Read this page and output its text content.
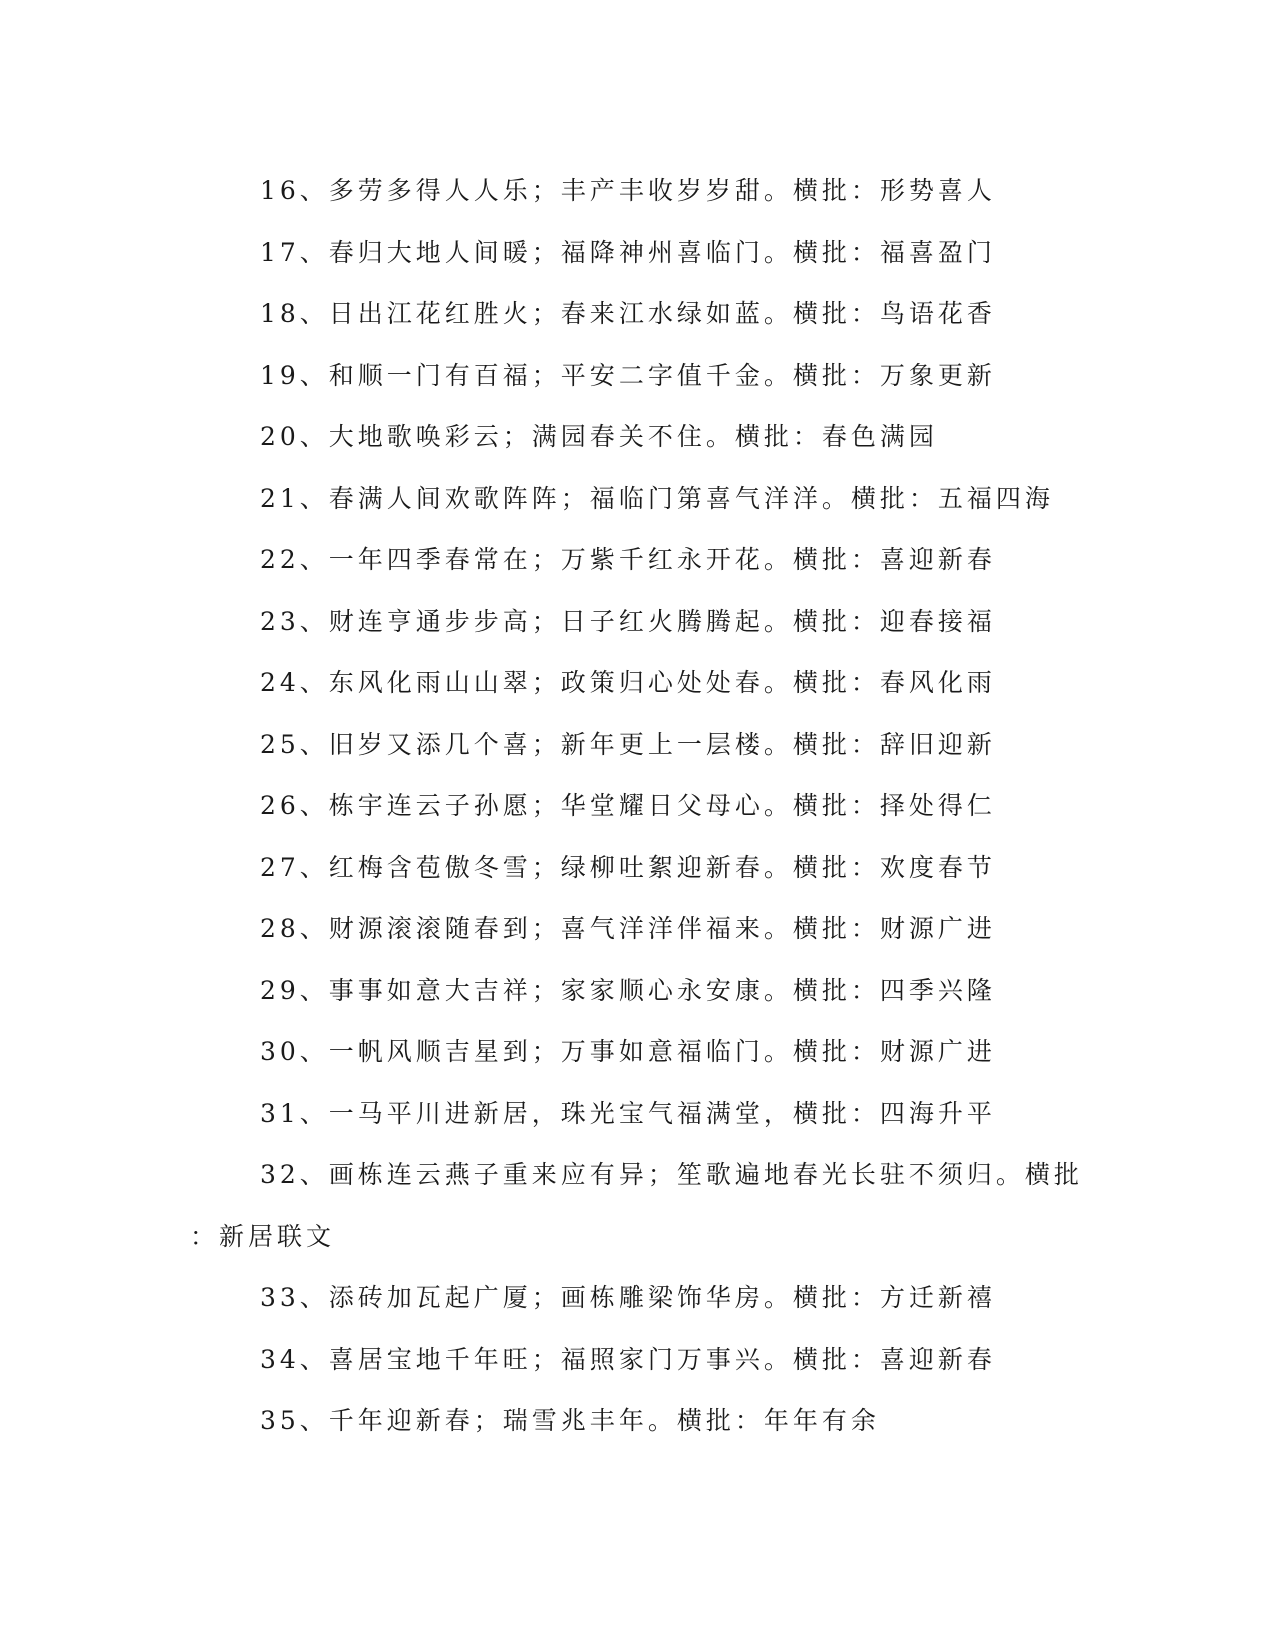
16、多劳多得人人乐；丰产丰收岁岁甜。横批：形势喜人
17、春归大地人间暖；福降神州喜临门。横批：福喜盈门
18、日出江花红胜火；春来江水绿如蓝。横批：鸟语花香
19、和顺一门有百福；平安二字值千金。横批：万象更新
20、大地歌唤彩云；满园春关不住。横批：春色满园
21、春满人间欢歌阵阵；福临门第喜气洋洋。横批：五福四海
22、一年四季春常在；万紫千红永开花。横批：喜迎新春
23、财连亨通步步高；日子红火腾腾起。横批：迎春接福
24、东风化雨山山翠；政策归心处处春。横批：春风化雨
25、旧岁又添几个喜；新年更上一层楼。横批：辞旧迎新
26、栋宇连云子孙愿；华堂耀日父母心。横批：择处得仁
27、红梅含苞傲冬雪；绿柳吐絮迎新春。横批：欢度春节
28、财源滚滚随春到；喜气洋洋伴福来。横批：财源广进
29、事事如意大吉祥；家家顺心永安康。横批：四季兴隆
30、一帆风顺吉星到；万事如意福临门。横批：财源广进
31、一马平川进新居，珠光宝气福满堂，横批：四海升平
32、画栋连云燕子重来应有异；笙歌遍地春光长驻不须归。横批
：新居联文
33、添砖加瓦起广厦；画栋雕梁饰华房。横批：方迁新禧
34、喜居宝地千年旺；福照家门万事兴。横批：喜迎新春
35、千年迎新春；瑞雪兆丰年。横批：年年有余
